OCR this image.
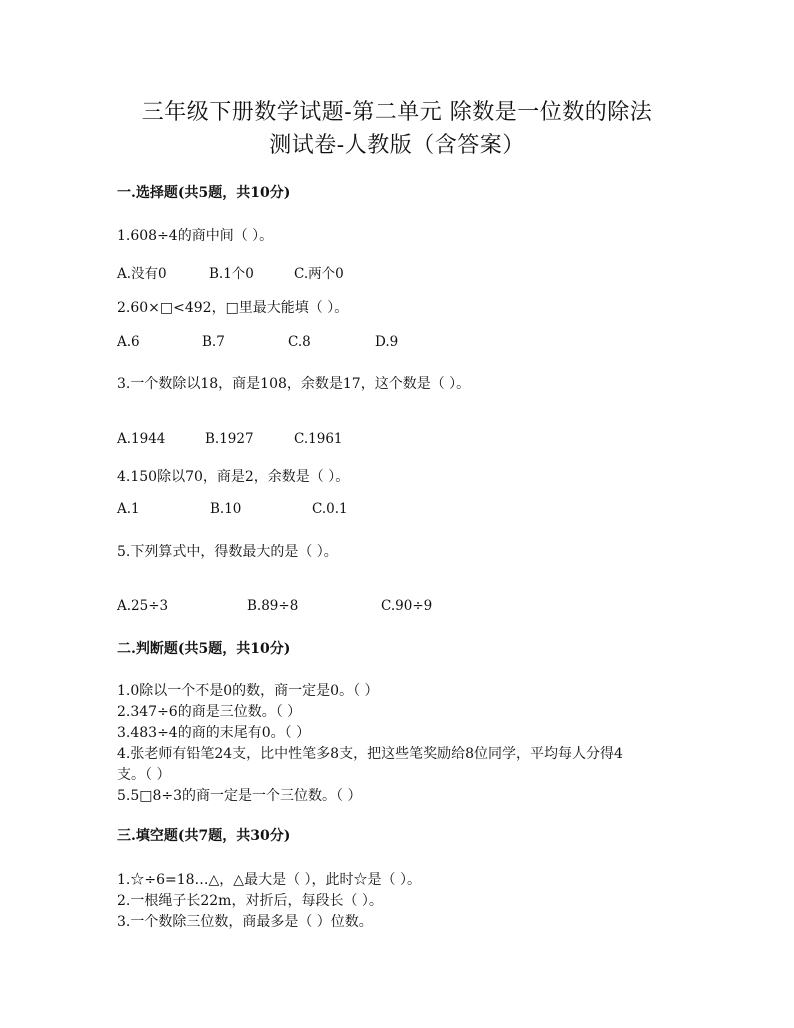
三年级下册数学试题-第二单元 除数是一位数的除法
测试卷-人教版（含答案）
一.选择题(共5题，共10分)
1.608÷4的商中间（ ）。
A.没有0	B.1个0	C.两个0
2.60×□<492，□里最大能填（ ）。
A.6	B.7	C.8	D.9
3.一个数除以18，商是108，余数是17，这个数是（ ）。
A.1944	B.1927	C.1961
4.150除以70，商是2，余数是（ ）。
A.1	B.10	C.0.1
5.下列算式中，得数最大的是（ ）。
A.25÷3	B.89÷8	C.90÷9
二.判断题(共5题，共10分)
1.0除以一个不是0的数，商一定是0。（ ）
2.347÷6的商是三位数。（ ）
3.483÷4的商的末尾有0。（ ）
4.张老师有铅笔24支，比中性笔多8支，把这些笔奖励给8位同学，平均每人分得4
支。（ ）
5.5□8÷3的商一定是一个三位数。（ ）
三.填空题(共7题，共30分)
1.☆÷6=18…△，△最大是（ ），此时☆是（ ）。
2.一根绳子长22m，对折后，每段长（ ）。
3.一个数除三位数，商最多是（ ）位数。
